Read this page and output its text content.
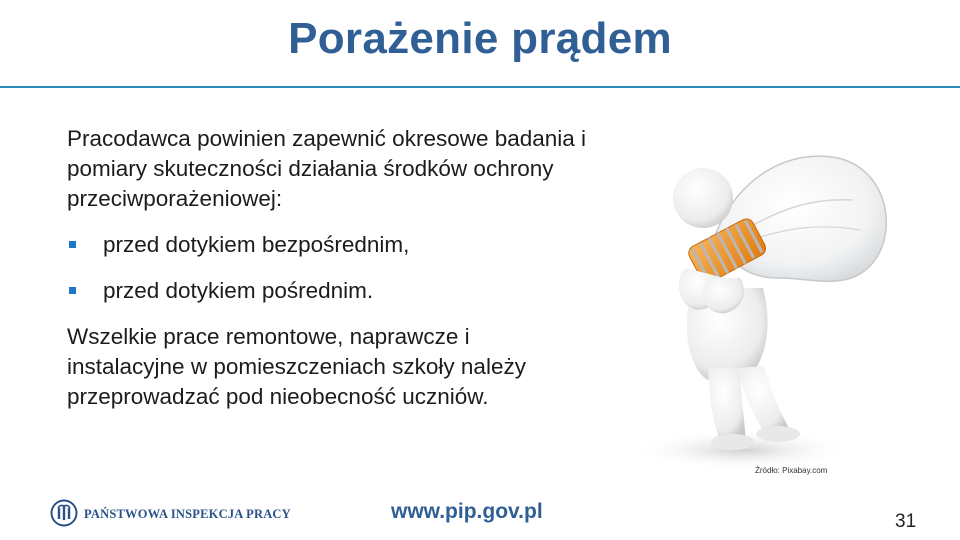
Porażenie prądem

Pracodawca powinien zapewnić okresowe badania i pomiary skuteczności działania środków ochrony przeciwporażeniowej:

przed dotykiem bezpośrednim,
przed dotykiem pośrednim.

Wszelkie prace remontowe, naprawcze i instalacyjne w pomieszczeniach szkoły należy przeprowadzać pod nieobecność uczniów.

Źródło: Pixabay.com
PAŃSTWOWA INSPEKCJA PRACY	www.pip.gov.pl	31
